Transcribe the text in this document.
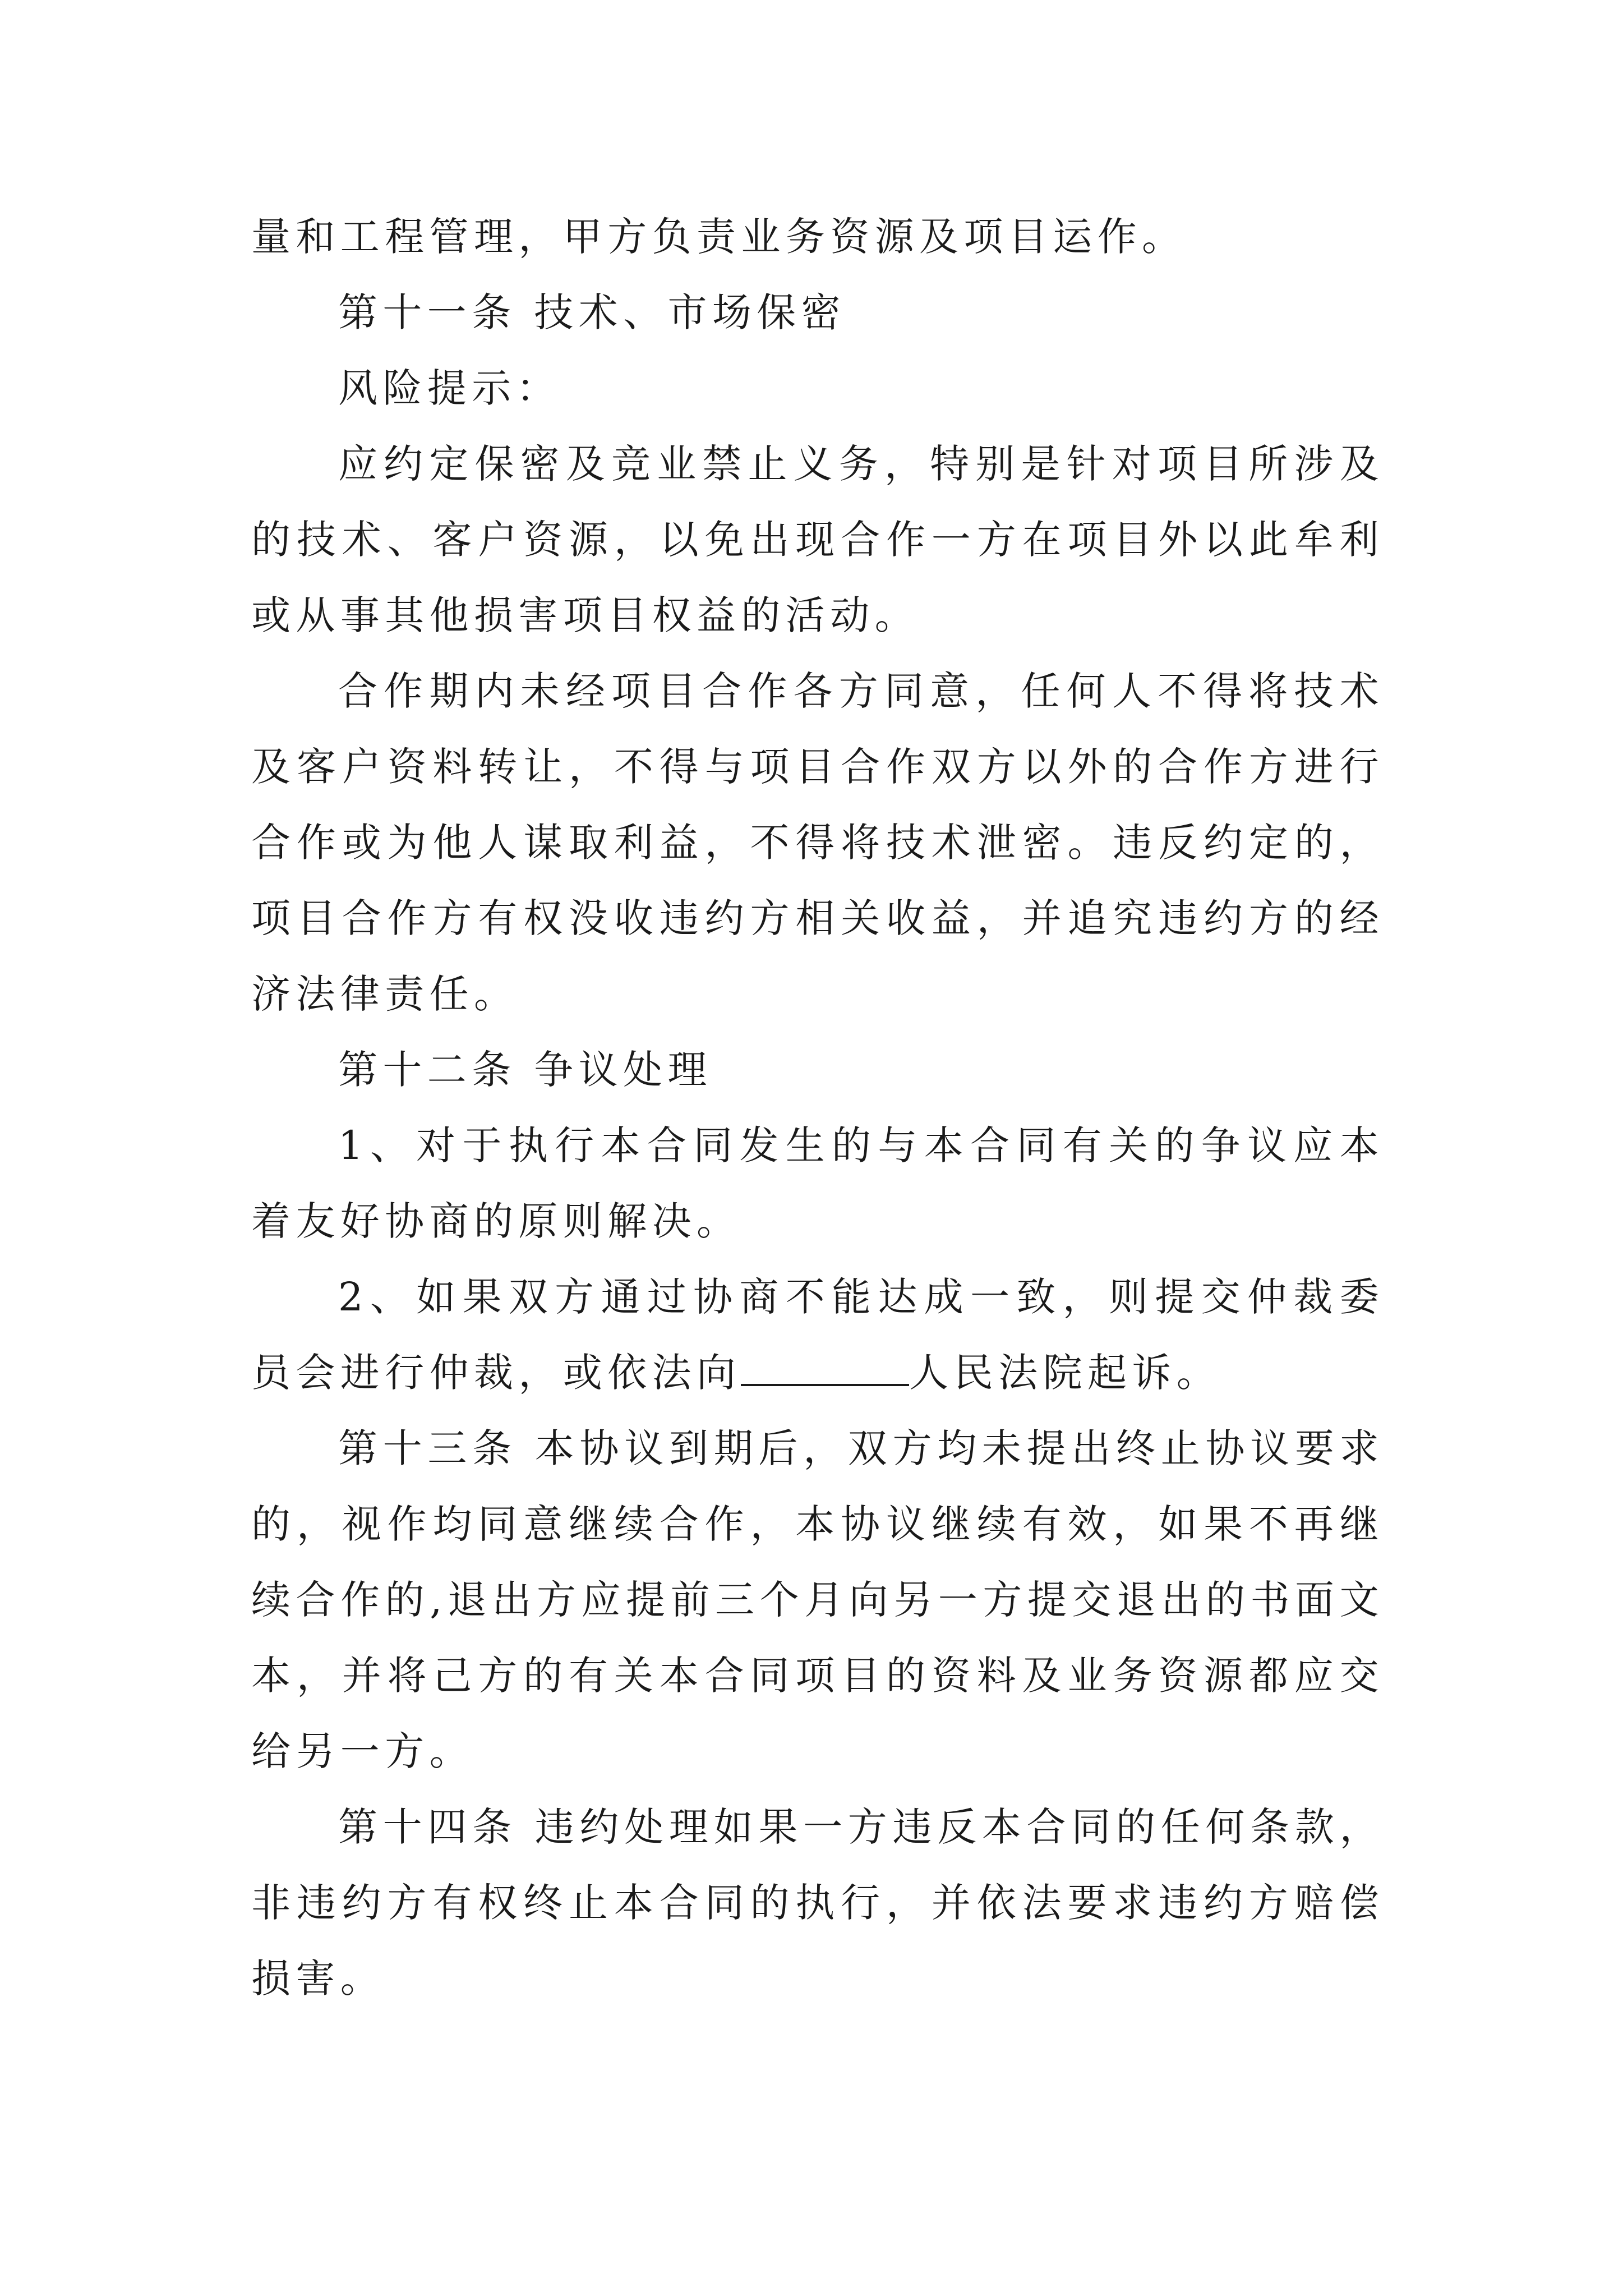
量和工程管理，甲方负责业务资源及项目运作。

第十一条 技术、市场保密

风险提示：

应约定保密及竞业禁止义务，特别是针对项目所涉及的技术、客户资源，以免出现合作一方在项目外以此牟利或从事其他损害项目权益的活动。

合作期内未经项目合作各方同意，任何人不得将技术及客户资料转让，不得与项目合作双方以外的合作方进行合作或为他人谋取利益，不得将技术泄密。违反约定的，项目合作方有权没收违约方相关收益，并追究违约方的经济法律责任。

第十二条 争议处理

1、对于执行本合同发生的与本合同有关的争议应本着友好协商的原则解决。

2、如果双方通过协商不能达成一致，则提交仲裁委员会进行仲裁，或依法向	人民法院起诉。

第十三条 本协议到期后，双方均未提出终止协议要求的，视作均同意继续合作，本协议继续有效，如果不再继续合作的,退出方应提前三个月向另一方提交退出的书面文本，并将己方的有关本合同项目的资料及业务资源都应交给另一方。

第十四条 违约处理如果一方违反本合同的任何条款，非违约方有权终止本合同的执行，并依法要求违约方赔偿损害。
